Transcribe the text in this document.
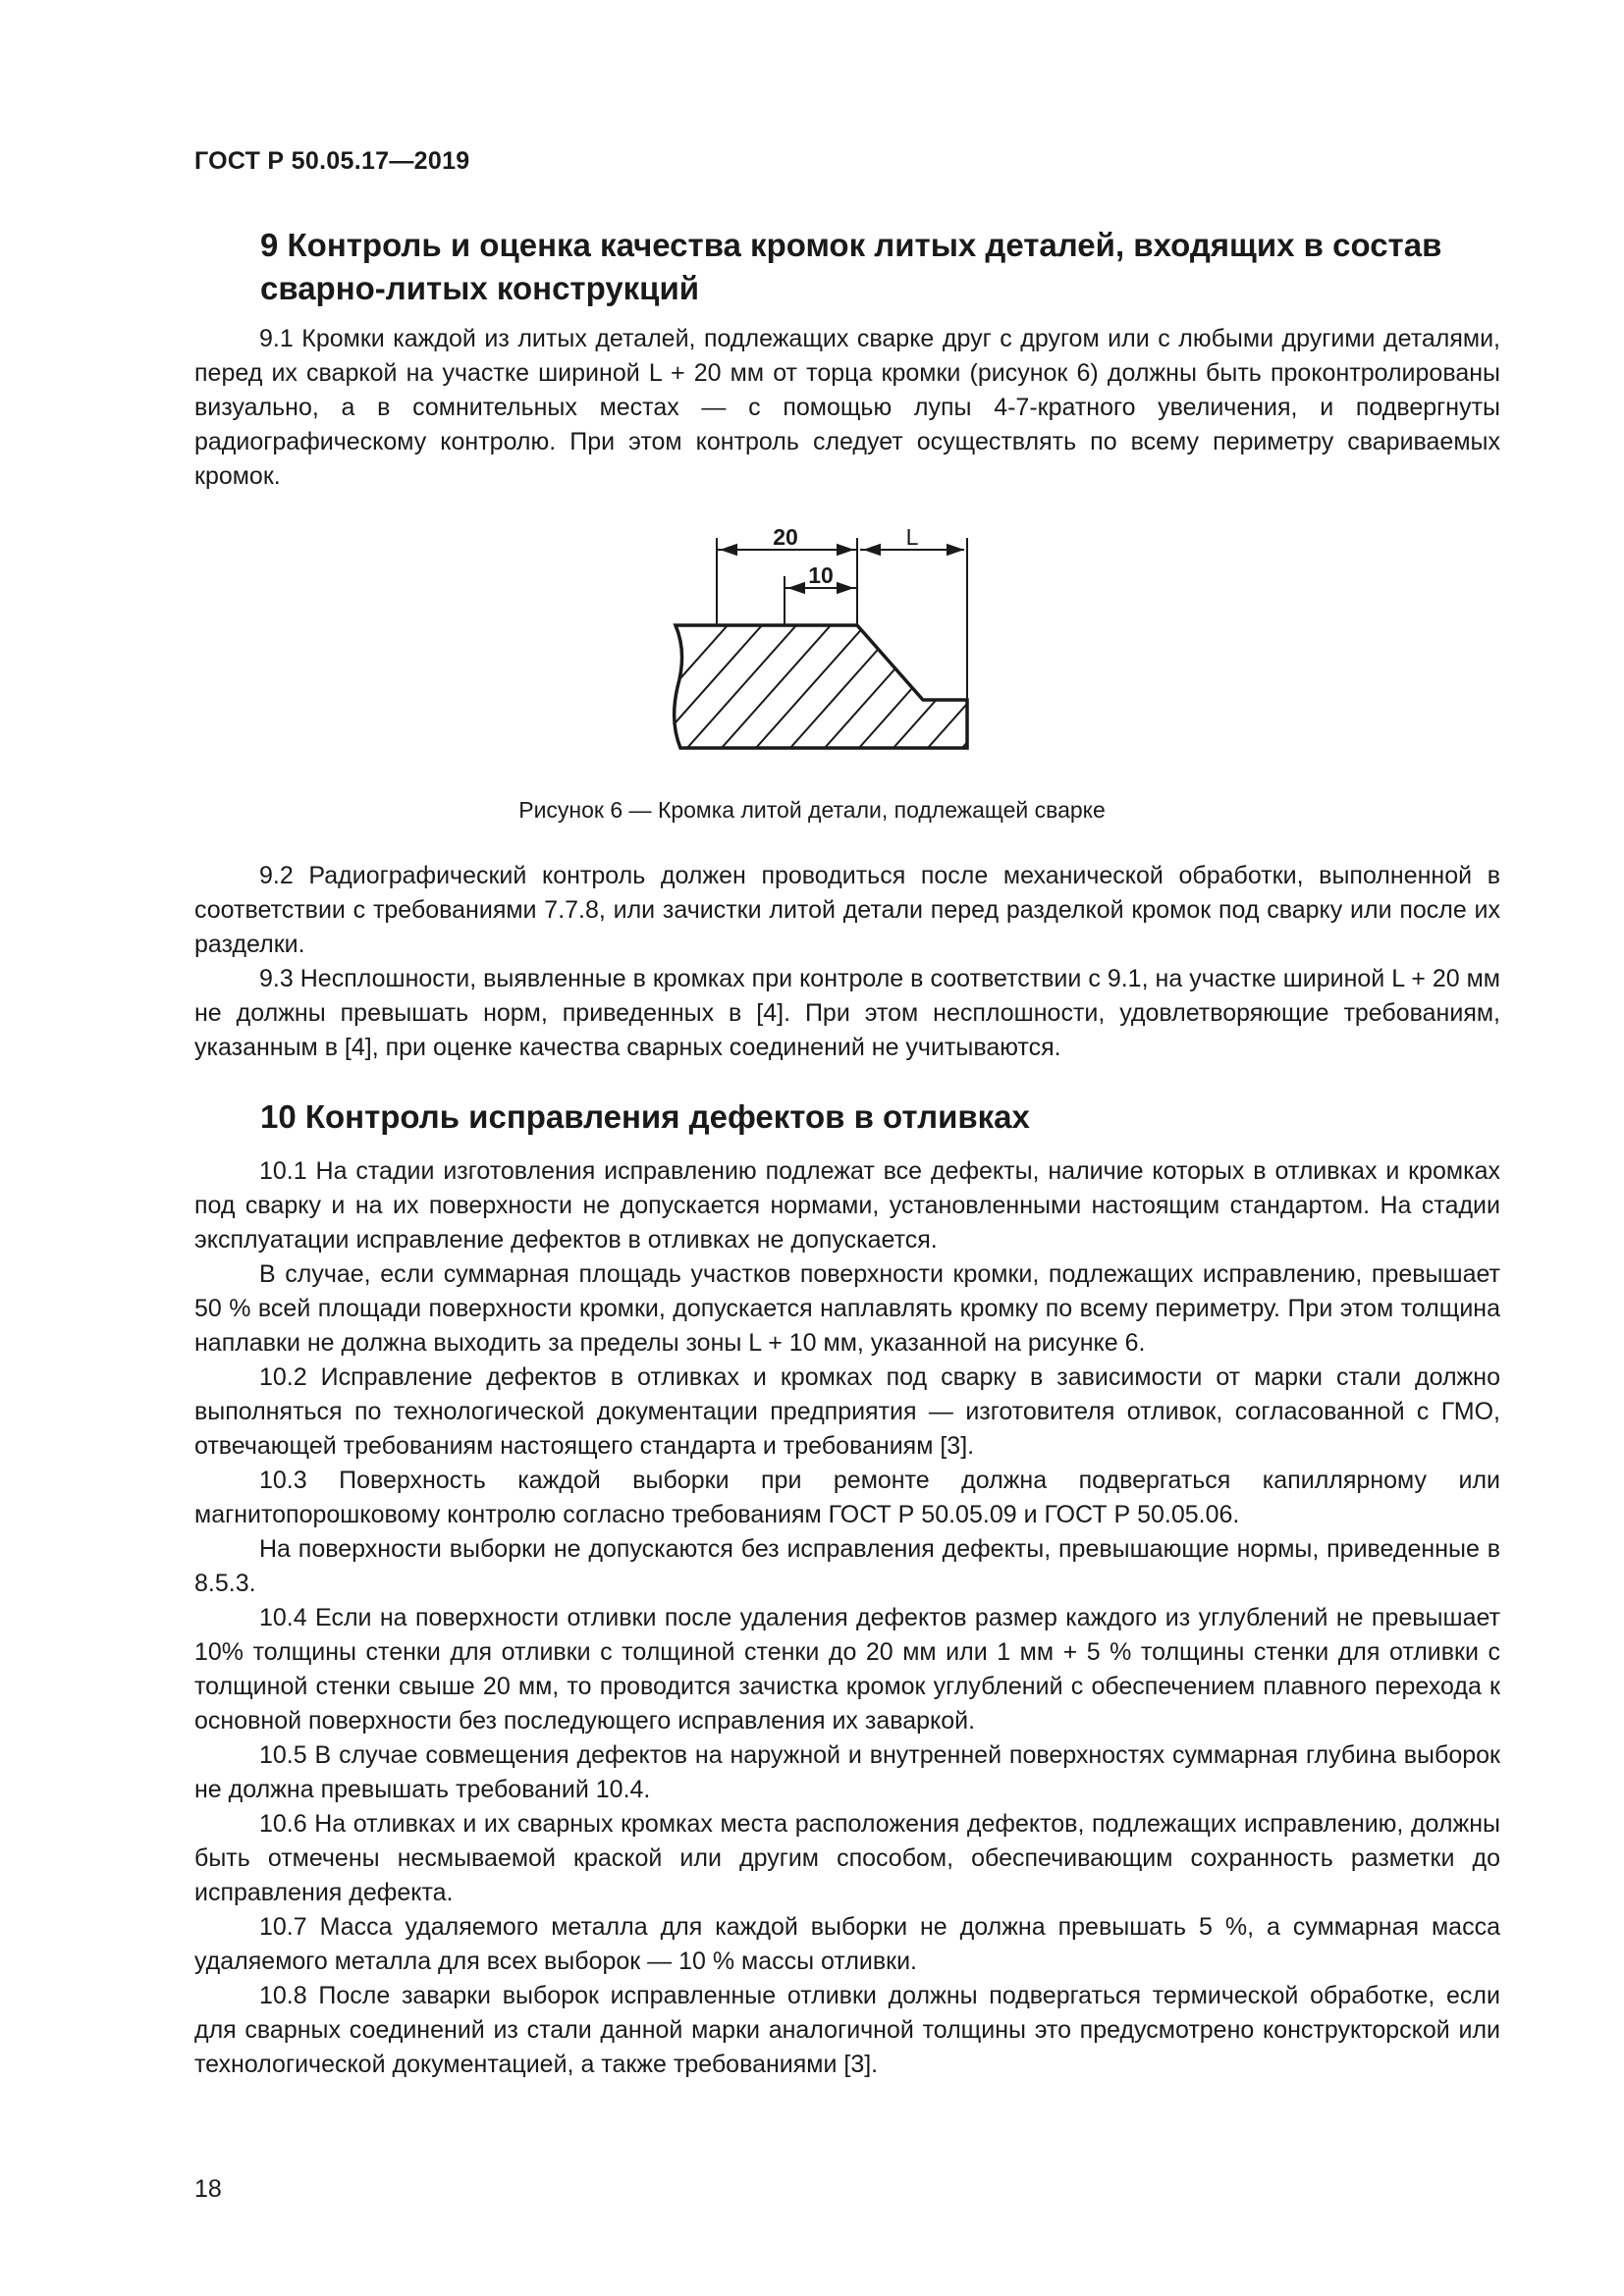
ГОСТ Р 50.05.17—2019
9 Контроль и оценка качества кромок литых деталей, входящих в состав сварно-литых конструкций

9.1 Кромки каждой из литых деталей, подлежащих сварке друг с другом или с любыми другими деталями, перед их сваркой на участке шириной L + 20 мм от торца кромки (рисунок 6) должны быть проконтролированы визуально, а в сомнительных местах — с помощью лупы 4-7-кратного увеличения, и подвергнуты радиографическому контролю. При этом контроль следует осуществлять по всему периметру свариваемых кромок.

20
10
L
Рисунок 6 — Кромка литой детали, подлежащей сварке

9.2 Радиографический контроль должен проводиться после механической обработки, выполненной в соответствии с требованиями 7.7.8, или зачистки литой детали перед разделкой кромок под сварку или после их разделки.

9.3 Несплошности, выявленные в кромках при контроле в соответствии с 9.1, на участке шириной L + 20 мм не должны превышать норм, приведенных в [4]. При этом несплошности, удовлетворяющие требованиям, указанным в [4], при оценке качества сварных соединений не учитываются.

10 Контроль исправления дефектов в отливках

10.1 На стадии изготовления исправлению подлежат все дефекты, наличие которых в отливках и кромках под сварку и на их поверхности не допускается нормами, установленными настоящим стандартом. На стадии эксплуатации исправление дефектов в отливках не допускается.

В случае, если суммарная площадь участков поверхности кромки, подлежащих исправлению, превышает 50 % всей площади поверхности кромки, допускается наплавлять кромку по всему периметру. При этом толщина наплавки не должна выходить за пределы зоны L + 10 мм, указанной на рисунке 6.

10.2 Исправление дефектов в отливках и кромках под сварку в зависимости от марки стали должно выполняться по технологической документации предприятия — изготовителя отливок, согласованной с ГМО, отвечающей требованиям настоящего стандарта и требованиям [3].

10.3 Поверхность каждой выборки при ремонте должна подвергаться капиллярному или магнитопорошковому контролю согласно требованиям ГОСТ Р 50.05.09 и ГОСТ Р 50.05.06.

На поверхности выборки не допускаются без исправления дефекты, превышающие нормы, приведенные в 8.5.3.

10.4 Если на поверхности отливки после удаления дефектов размер каждого из углублений не превышает 10% толщины стенки для отливки с толщиной стенки до 20 мм или 1 мм + 5 % толщины стенки для отливки с толщиной стенки свыше 20 мм, то проводится зачистка кромок углублений с обеспечением плавного перехода к основной поверхности без последующего исправления их заваркой.

10.5 В случае совмещения дефектов на наружной и внутренней поверхностях суммарная глубина выборок не должна превышать требований 10.4.

10.6 На отливках и их сварных кромках места расположения дефектов, подлежащих исправлению, должны быть отмечены несмываемой краской или другим способом, обеспечивающим сохранность разметки до исправления дефекта.

10.7 Масса удаляемого металла для каждой выборки не должна превышать 5 %, а суммарная масса удаляемого металла для всех выборок — 10 % массы отливки.

10.8 После заварки выборок исправленные отливки должны подвергаться термической обработке, если для сварных соединений из стали данной марки аналогичной толщины это предусмотрено конструкторской или технологической документацией, а также требованиями [3].

18
